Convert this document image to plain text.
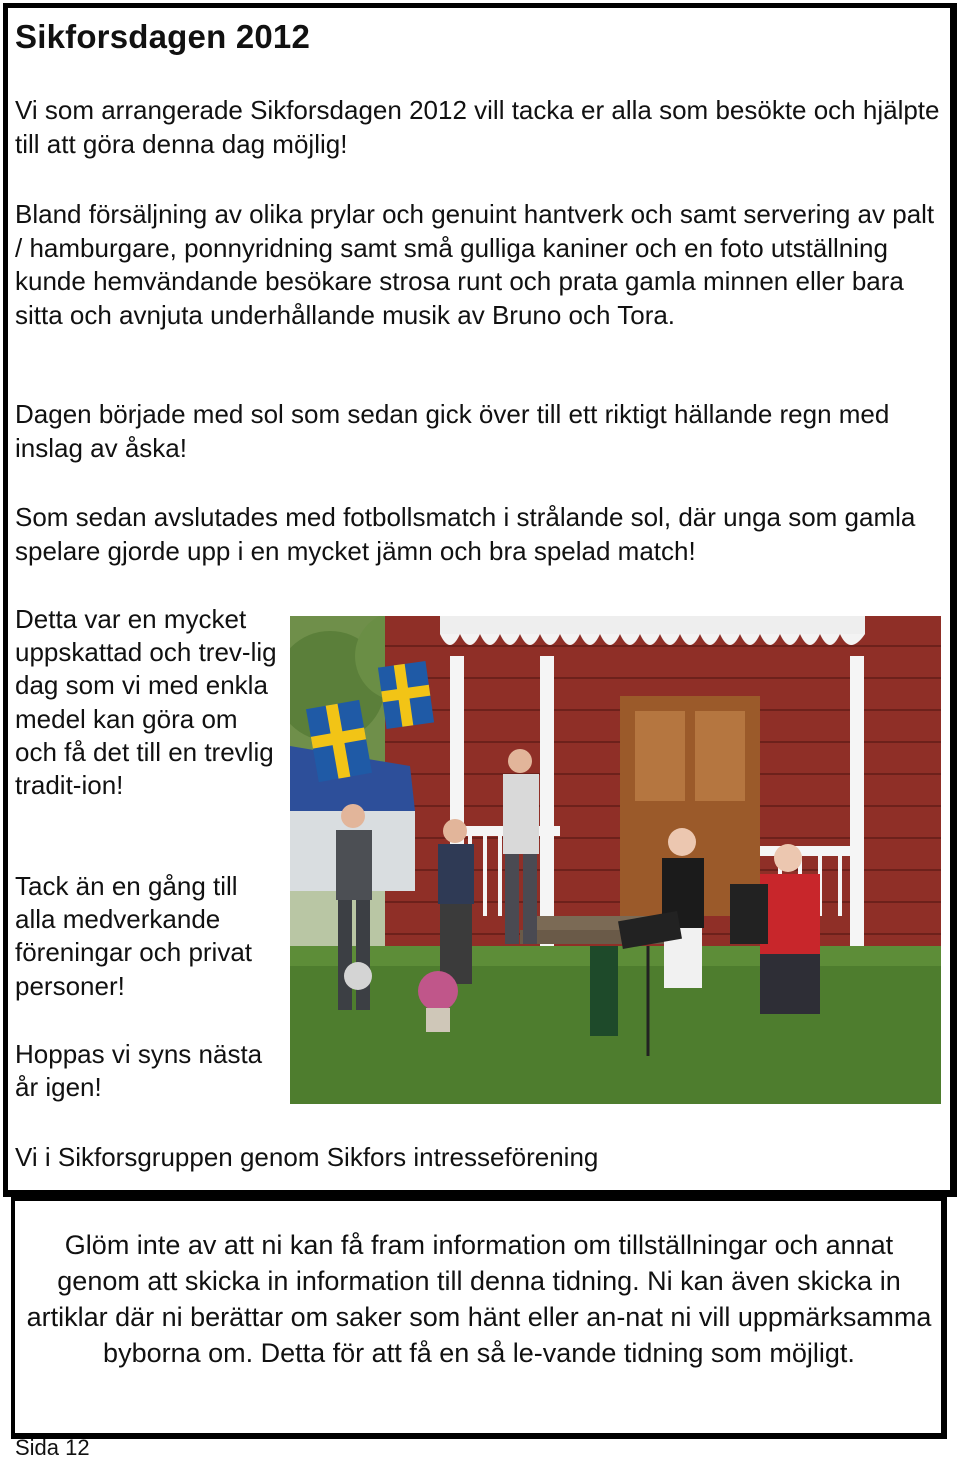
Sikforsdagen 2012

Vi som arrangerade Sikforsdagen 2012 vill tacka er alla som besökte och hjälpte till att göra denna dag möjlig!

Bland försäljning av olika prylar och genuint hantverk och samt servering av palt / hamburgare, ponnyridning samt små gulliga kaniner och en foto utställning kunde hemvändande besökare strosa runt och prata gamla minnen eller bara sitta och avnjuta underhållande musik av Bruno och Tora.

Dagen började med sol som sedan gick över till ett riktigt hällande regn med inslag av åska!

Som sedan avslutades med fotbollsmatch i strålande sol, där unga som gamla spelare gjorde upp i en mycket jämn och bra spelad match!

Detta var en mycket uppskattad och trev-lig dag som vi med enkla medel kan göra om och få det till en trevlig tradit-ion!

Tack än en gång till alla medverkande föreningar och privat personer!

Hoppas vi syns nästa år igen!

Vi i Sikforsgruppen genom Sikfors intresseförening

Glöm inte av att ni kan få fram information om tillställningar och annat genom att skicka in information till denna tidning. Ni kan även skicka in artiklar där ni berättar om saker som hänt eller an-nat ni vill uppmärksamma byborna om. Detta för att få en så le-vande tidning som möjligt.

Sida 12
